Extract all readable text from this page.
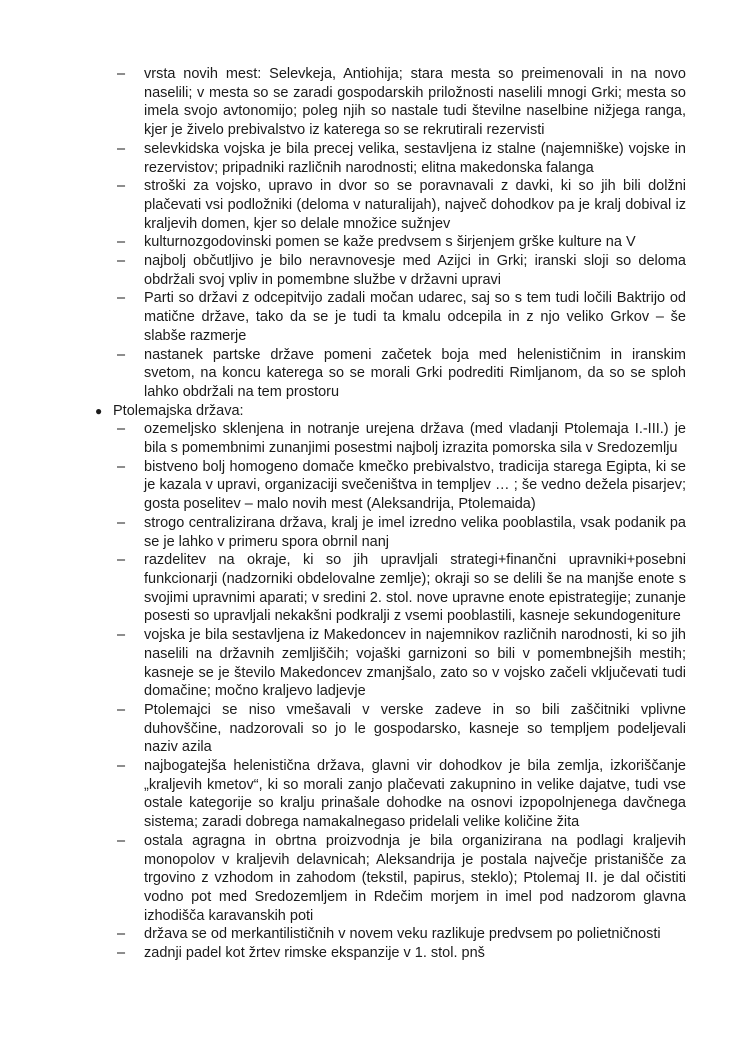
–	vrsta novih mest: Selevkeja, Antiohija; stara mesta so preimenovali in na novo naselili; v mesta so se zaradi gospodarskih priložnosti naselili mnogi Grki; mesta so imela svojo avtonomijo; poleg njih so nastale tudi številne naselbine nižjega ranga, kjer je živelo prebivalstvo iz katerega so se rekrutirali rezervisti
–	selevkidska vojska je bila precej velika, sestavljena iz stalne (najemniške) vojske in rezervistov; pripadniki različnih narodnosti; elitna makedonska falanga
–	stroški za vojsko, upravo in dvor so se poravnavali z davki, ki so jih bili dolžni plačevati vsi podložniki (deloma v naturalijah), največ dohodkov pa je kralj dobival iz kraljevih domen, kjer so delale množice sužnjev
–	kulturnozgodovinski pomen se kaže predvsem s širjenjem grške kulture na V
–	najbolj občutljivo je bilo neravnovesje med Azijci in Grki; iranski sloji so deloma obdržali svoj vpliv in pomembne službe v državni upravi
–	Parti so državi z odcepitvijo zadali močan udarec, saj so s tem tudi ločili Baktrijo od matične države, tako da se je tudi ta kmalu odcepila in z njo veliko Grkov – še slabše razmerje
–	nastanek partske države pomeni začetek boja med helenističnim in iranskim svetom, na koncu katerega so se morali Grki podrediti Rimljanom, da so se sploh lahko obdržali na tem prostoru
● Ptolemajska država:
–	ozemeljsko sklenjena in notranje urejena država (med vladanji Ptolemaja I.-III.) je bila s pomembnimi zunanjimi posestmi najbolj izrazita pomorska sila v Sredozemlju
–	bistveno bolj homogeno domače kmečko prebivalstvo, tradicija starega Egipta, ki se je kazala v upravi, organizaciji svečeništva in templjev … ; še vedno dežela pisarjev; gosta poselitev – malo novih mest (Aleksandrija, Ptolemaida)
–	strogo centralizirana država, kralj je imel izredno velika pooblastila, vsak podanik pa se je lahko v primeru spora obrnil nanj
–	razdelitev na okraje, ki so jih upravljali strategi+finančni upravniki+posebni funkcionarji (nadzorniki obdelovalne zemlje); okraji so se delili še na manjše enote s svojimi upravnimi aparati; v sredini 2. stol. nove upravne enote epistrategije; zunanje posesti so upravljali nekakšni podkralji z vsemi pooblastili, kasneje sekundogeniture
–	vojska je bila sestavljena iz Makedoncev in najemnikov različnih narodnosti, ki so jih naselili na državnih zemljiščih; vojaški garnizoni so bili v pomembnejših mestih; kasneje se je število Makedoncev zmanjšalo, zato so v vojsko začeli vključevati tudi domačine; močno kraljevo ladjevje
–	Ptolemajci se niso vmešavali v verske zadeve in so bili zaščitniki vplivne duhovščine, nadzorovali so jo le gospodarsko, kasneje so templjem podeljevali naziv azila
–	najbogatejša helenistična država, glavni vir dohodkov je bila zemlja, izkoriščanje „kraljevih kmetov“, ki so morali zanjo plačevati zakupnino in velike dajatve, tudi vse ostale kategorije so kralju prinašale dohodke na osnovi izpopolnjenega davčnega sistema; zaradi dobrega namakalnegaso pridelali velike količine žita
–	ostala agragna in obrtna proizvodnja je bila organizirana na podlagi kraljevih monopolov v kraljevih delavnicah; Aleksandrija je postala največje pristanišče za trgovino z vzhodom in zahodom (tekstil, papirus, steklo); Ptolemaj II. je dal očistiti vodno pot med Sredozemljem in Rdečim morjem in imel pod nadzorom glavna izhodišča karavanskih poti
–	država se od merkantilističnih v novem veku razlikuje predvsem po polietničnosti
–	zadnji padel kot žrtev rimske ekspanzije v 1. stol. pnš
